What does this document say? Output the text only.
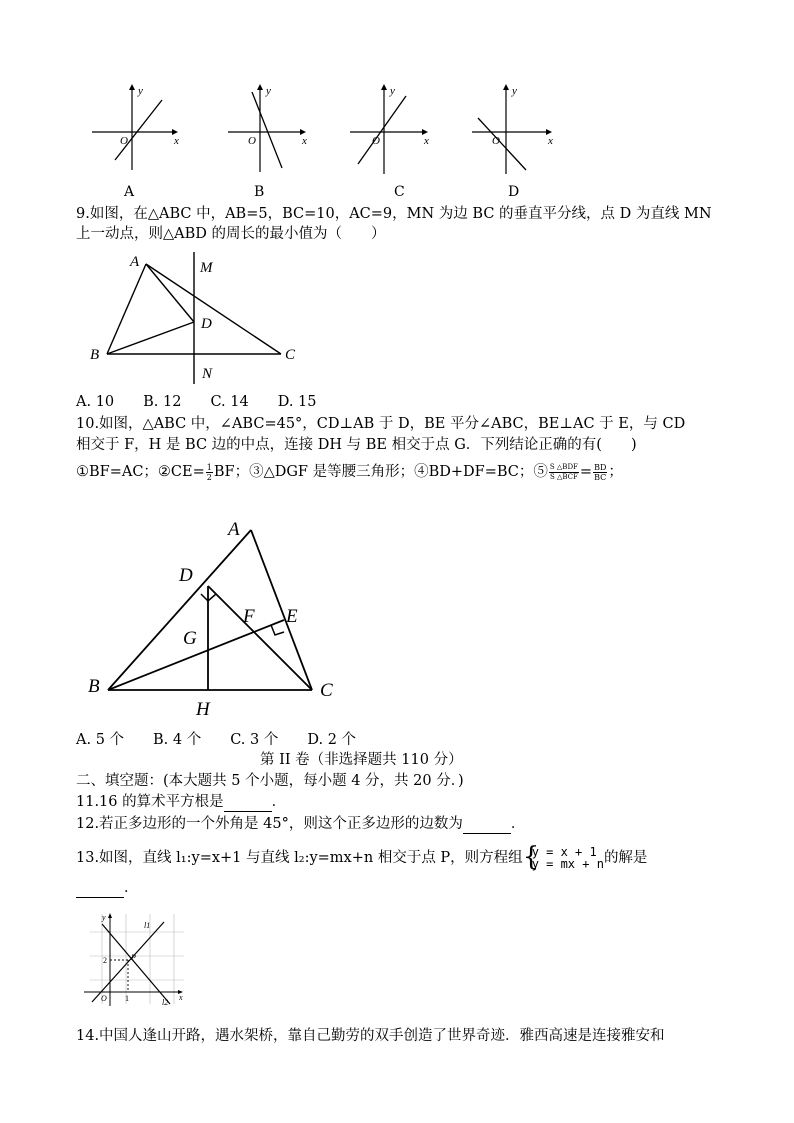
y
x
O
y
x
O
y
x
O
y
x
O
A	B	C	D
9.如图，在△ABC 中，AB=5，BC=10，AC=9，MN 为边 BC 的垂直平分线，点 D 为直线 MN
上一动点，则△ABD 的周长的最小值为（　　）
A
B	C
D
M
N
A. 10　　B. 12　　C. 14　　D. 15
10.如图，△ABC 中，∠ABC=45°，CD⊥AB 于 D，BE 平分∠ABC，BE⊥AC 于 E，与 CD
相交于 F，H 是 BC 边的中点，连接 DH 与 BE 相交于点 G．下列结论正确的有(　　)
①BF=AC；②CE= $\frac{1}{2}$ BF；③△DGF 是等腰三角形；④BD+DF=BC；⑤ $\frac{\text{S △BDF}}{\text{S △BCF}} = \frac{BD}{BC}$ ；
A
B	C
D
E
F
G
H
A. 5 个　　B. 4 个　　C. 3 个　　D. 2 个
第 II 卷（非选择题共 110 分）
二、填空题：(本大题共 5 个小题，每小题 4 分，共 20 分．)
11.16 的算术平方根是	．
12.若正多边形的一个外角是 45°，则这个正多边形的边数为	．
13.如图，直线 l₁:y=x+1 与直线 l₂:y=mx+n 相交于点 P，则方程组 {
y = x + 1
y = mx + n 的解是
．
y
x
O
P
2
1
l1
l2
14.中国人逢山开路，遇水架桥，靠自己勤劳的双手创造了世界奇迹．雅西高速是连接雅安和
